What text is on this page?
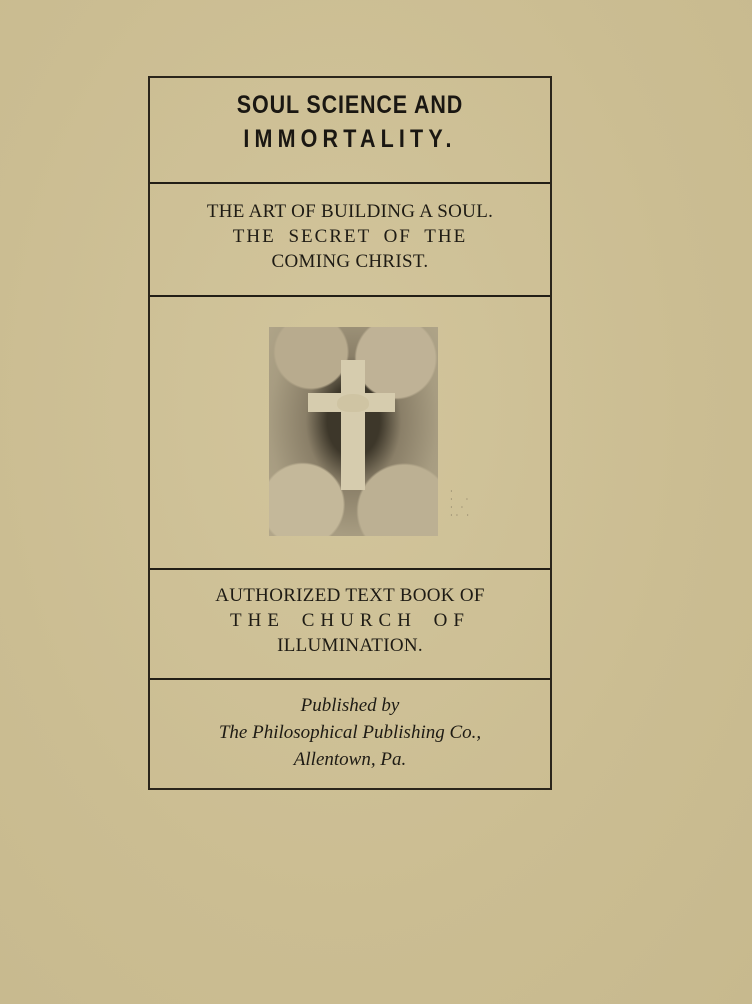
SOUL SCIENCE AND
IMMORTALITY.
THE ART OF BUILDING A SOUL.
THE SECRET OF THE
COMING CHRIST.
·
·  ·
· ·
·· ·
AUTHORIZED TEXT BOOK OF
THE CHURCH OF
ILLUMINATION.
Published by
The Philosophical Publishing Co.,
Allentown, Pa.
